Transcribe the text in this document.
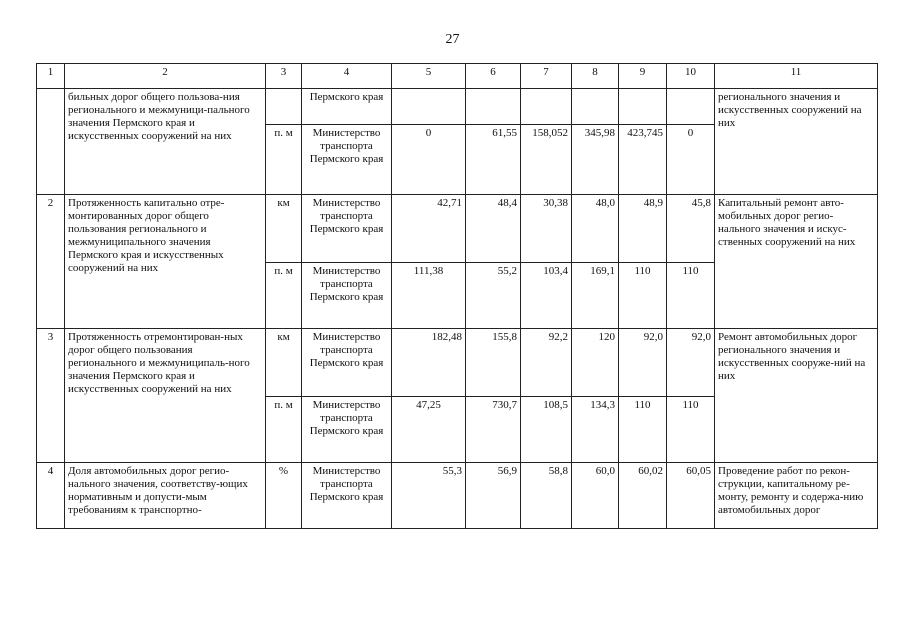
27
1	2	3	4	5	6	7	8	9	10	11
	бильных дорог общего пользова-ния регионального и межмуници-пального значения Пермского края и искусственных сооружений на них		Пермского края							регионального значения и искусственных сооружений на них
		п. м	Министерство транспорта Пермского края	0	61,55	158,052	345,98	423,745	0	
2	Протяженность капитально отре-монтированных дорог общего пользования регионального и межмуниципального значения Пермского края и искусственных сооружений на них	км	Министерство транспорта Пермского края	42,71	48,4	30,38	48,0	48,9	45,8	Капитальный ремонт авто-мобильных дорог регио-нального значения и искус-ственных сооружений на них
		п. м	Министерство транспорта Пермского края	111,38	55,2	103,4	169,1	110	110	
3	Протяженность отремонтирован-ных дорог общего пользования регионального и межмуниципаль-ного значения Пермского края и искусственных сооружений на них	км	Министерство транспорта Пермского края	182,48	155,8	92,2	120	92,0	92,0	Ремонт автомобильных дорог регионального значения и искусственных сооруже-ний на них
		п. м	Министерство транспорта Пермского края	47,25	730,7	108,5	134,3	110	110	
4	Доля автомобильных дорог регио-нального значения, соответству-ющих нормативным и допусти-мым требованиям к транспортно-	%	Министерство транспорта Пермского края	55,3	56,9	58,8	60,0	60,02	60,05	Проведение работ по рекон-струкции, капитальному ре-монту, ремонту и содержа-нию автомобильных дорог
